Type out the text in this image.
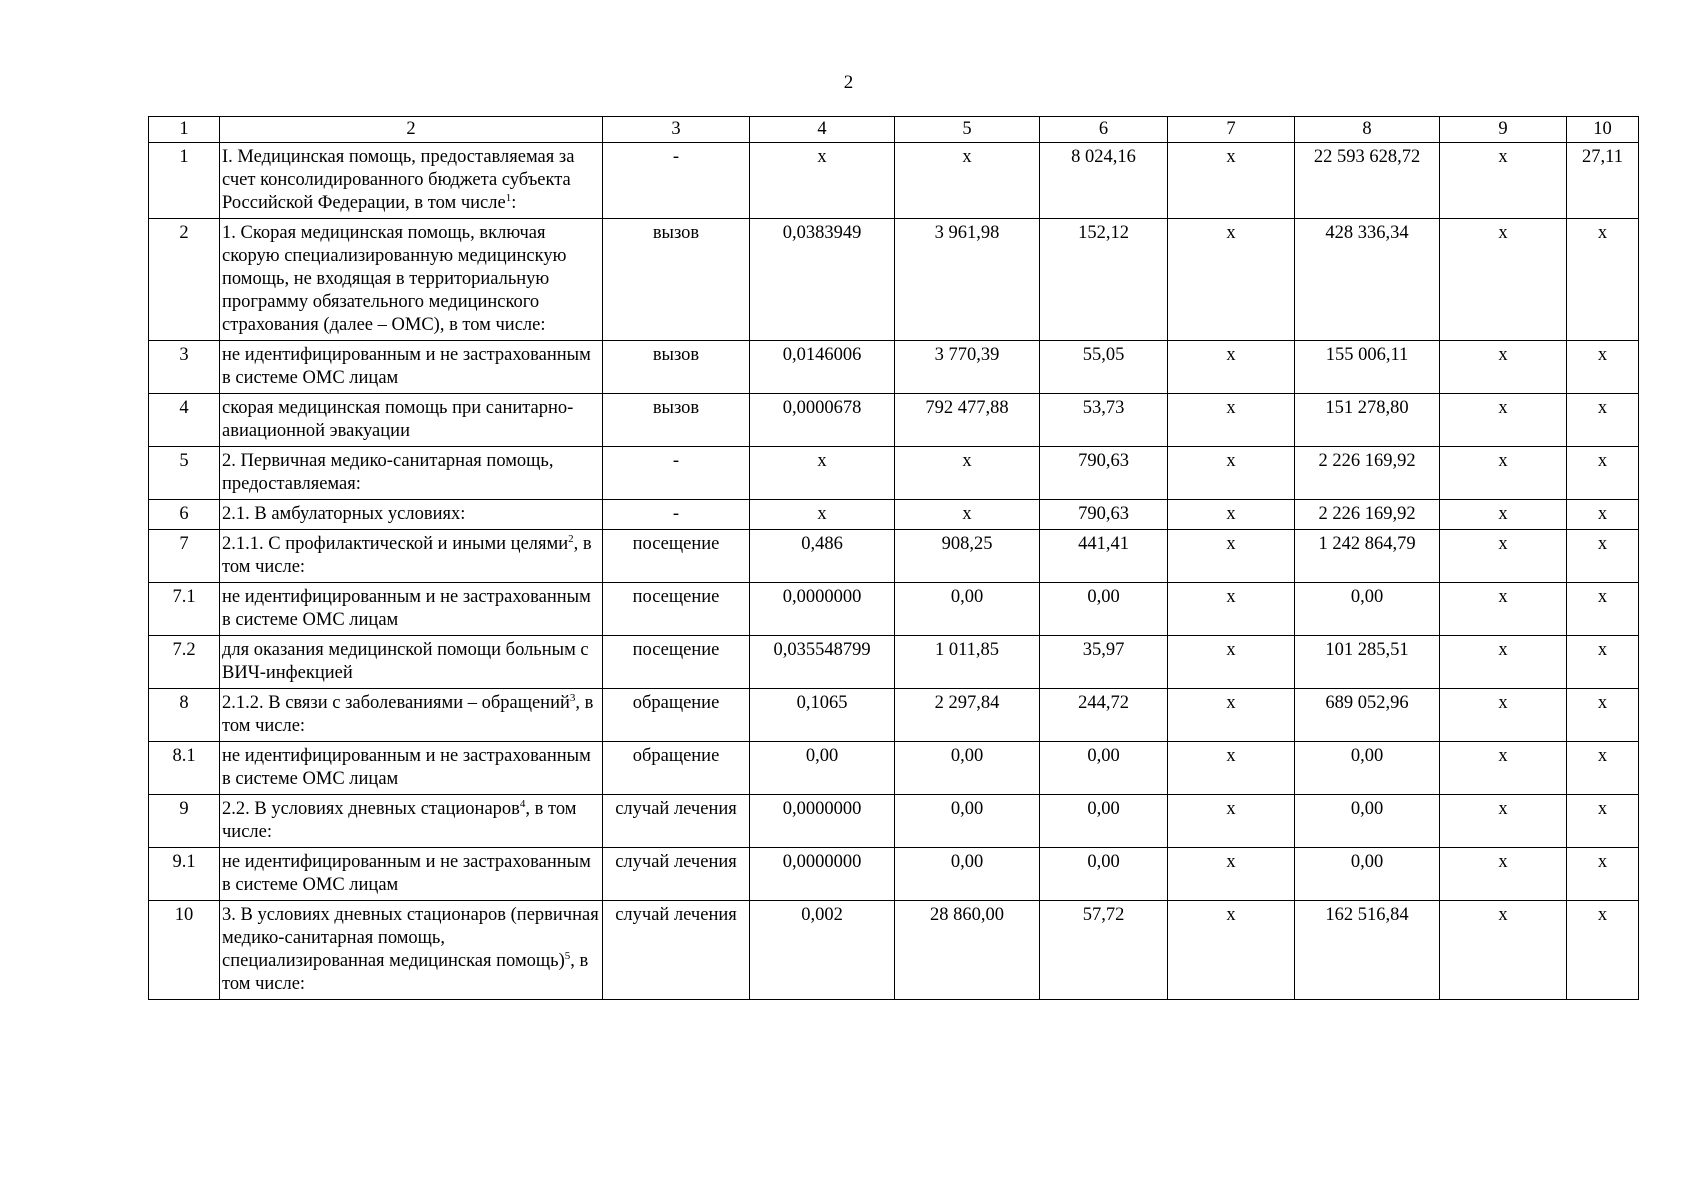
2
1	2	3	4	5	6	7	8	9	10
1	I. Медицинская помощь, предоставляемая за счет консолидированного бюджета субъекта Российской Федерации, в том числе$^1$:	-	х	х	8 024,16	х	22 593 628,72	х	27,11
2	1. Скорая медицинская помощь, включая скорую специализированную медицинскую помощь, не входящая в территориальную программу обязательного медицинского страхования (далее – ОМС), в том числе:	вызов	0,0383949	3 961,98	152,12	х	428 336,34	х	х
3	не идентифицированным и не застрахованным в системе ОМС лицам	вызов	0,0146006	3 770,39	55,05	х	155 006,11	х	х
4	скорая медицинская помощь при санитарно-авиационной эвакуации	вызов	0,0000678	792 477,88	53,73	х	151 278,80	х	х
5	2. Первичная медико-санитарная помощь, предоставляемая:	-	х	х	790,63	х	2 226 169,92	х	х
6	2.1. В амбулаторных условиях:	-	х	х	790,63	х	2 226 169,92	х	х
7	2.1.1. С профилактической и иными целями$^2$, в том числе:	посещение	0,486	908,25	441,41	х	1 242 864,79	х	х
7.1	не идентифицированным и не застрахованным в системе ОМС лицам	посещение	0,0000000	0,00	0,00	х	0,00	х	х
7.2	для оказания медицинской помощи больным с ВИЧ-инфекцией	посещение	0,035548799	1 011,85	35,97	х	101 285,51	х	х
8	2.1.2. В связи с заболеваниями – обращений$^3$, в том числе:	обращение	0,1065	2 297,84	244,72	х	689 052,96	х	х
8.1	не идентифицированным и не застрахованным в системе ОМС лицам	обращение	0,00	0,00	0,00	х	0,00	х	х
9	2.2. В условиях дневных стационаров$^4$, в том числе:	случай лечения	0,0000000	0,00	0,00	х	0,00	х	х
9.1	не идентифицированным и не застрахованным в системе ОМС лицам	случай лечения	0,0000000	0,00	0,00	х	0,00	х	х
10	3. В условиях дневных стационаров (первичная медико-санитарная помощь, специализированная медицинская помощь)$^5$, в том числе:	случай лечения	0,002	28 860,00	57,72	х	162 516,84	х	х
